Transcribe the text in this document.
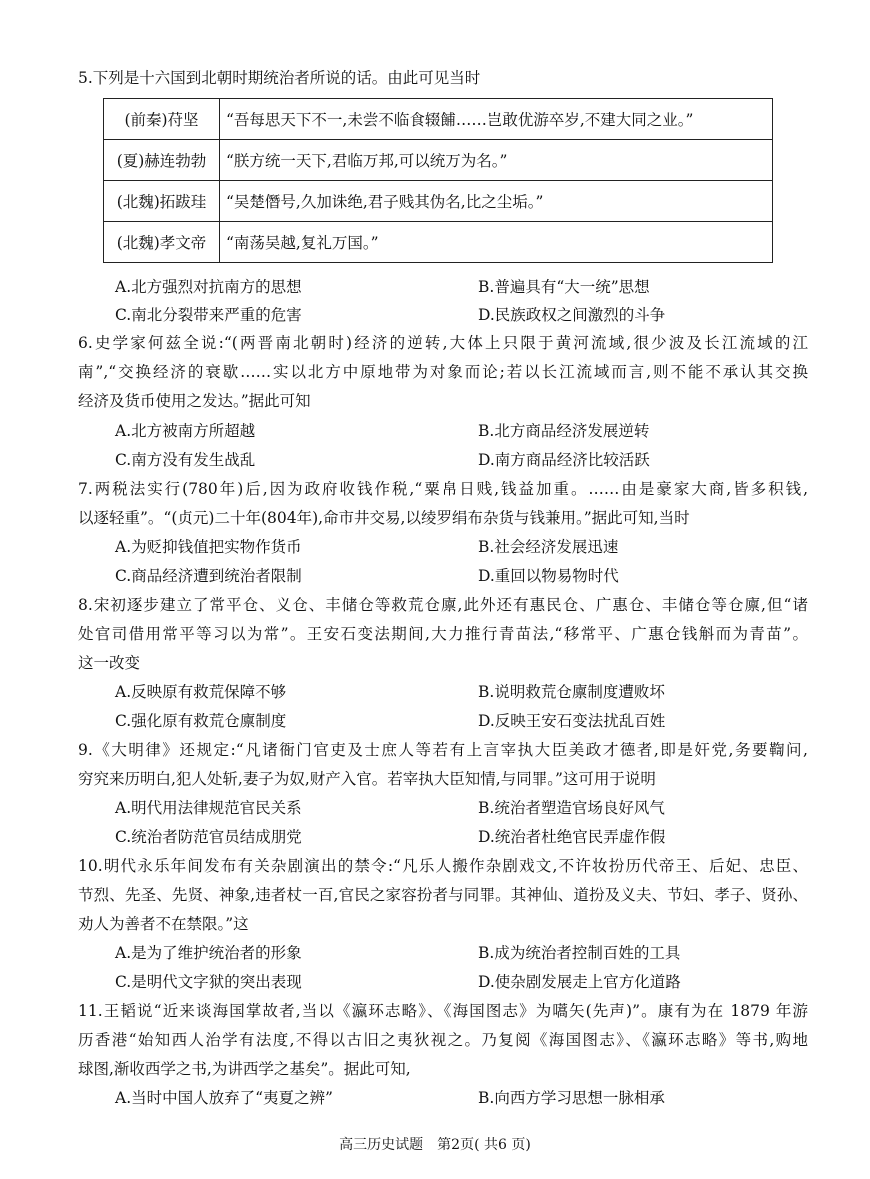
5.下列是十六国到北朝时期统治者所说的话。由此可见当时
(前秦)苻坚	“吾每思天下不一,未尝不临食辍餔……岂敢优游卒岁,不建大同之业。”
(夏)赫连勃勃	“朕方统一天下,君临万邦,可以统万为名。”
(北魏)拓跋珪	“吴楚僭号,久加诛绝,君子贱其伪名,比之尘垢。”
(北魏)孝文帝	“南荡吴越,复礼万国。”
A.北方强烈对抗南方的思想	B.普遍具有“大一统”思想
C.南北分裂带来严重的危害	D.民族政权之间激烈的斗争
6.史学家何兹全说:“(两晋南北朝时)经济的逆转,大体上只限于黄河流域,很少波及长江流域的江
南”,“交换经济的衰歇……实以北方中原地带为对象而论;若以长江流域而言,则不能不承认其交换
经济及货币使用之发达。”据此可知
A.北方被南方所超越	B.北方商品经济发展逆转
C.南方没有发生战乱	D.南方商品经济比较活跃
7.两税法实行(780年)后,因为政府收钱作税,“粟帛日贱,钱益加重。……由是豪家大商,皆多积钱,
以逐轻重”。“(贞元)二十年(804年),命市井交易,以绫罗绢布杂货与钱兼用。”据此可知,当时
A.为贬抑钱值把实物作货币	B.社会经济发展迅速
C.商品经济遭到统治者限制	D.重回以物易物时代
8.宋初逐步建立了常平仓、义仓、丰储仓等救荒仓廪,此外还有惠民仓、广惠仓、丰储仓等仓廪,但“诸
处官司借用常平等习以为常”。王安石变法期间,大力推行青苗法,“移常平、广惠仓钱斛而为青苗”。
这一改变
A.反映原有救荒保障不够	B.说明救荒仓廪制度遭败坏
C.强化原有救荒仓廪制度	D.反映王安石变法扰乱百姓
9.《大明律》还规定:“凡诸衙门官吏及士庶人等若有上言宰执大臣美政才德者,即是奸党,务要鞫问,
穷究来历明白,犯人处斩,妻子为奴,财产入官。若宰执大臣知情,与同罪。”这可用于说明
A.明代用法律规范官民关系	B.统治者塑造官场良好风气
C.统治者防范官员结成朋党	D.统治者杜绝官民弄虚作假
10.明代永乐年间发布有关杂剧演出的禁令:“凡乐人搬作杂剧戏文,不许妆扮历代帝王、后妃、忠臣、
节烈、先圣、先贤、神象,违者杖一百,官民之家容扮者与同罪。其神仙、道扮及义夫、节妇、孝子、贤孙、
劝人为善者不在禁限。”这
A.是为了维护统治者的形象	B.成为统治者控制百姓的工具
C.是明代文字狱的突出表现	D.使杂剧发展走上官方化道路
11.王韬说“近来谈海国掌故者,当以《瀛环志略》、《海国图志》为嚆矢(先声)”。康有为在 1879 年游
历香港“始知西人治学有法度,不得以古旧之夷狄视之。乃复阅《海国图志》、《瀛环志略》等书,购地
球图,渐收西学之书,为讲西学之基矣”。据此可知,
A.当时中国人放弃了“夷夏之辨”	B.向西方学习思想一脉相承
高三历史试题　第2页( 共6 页)
